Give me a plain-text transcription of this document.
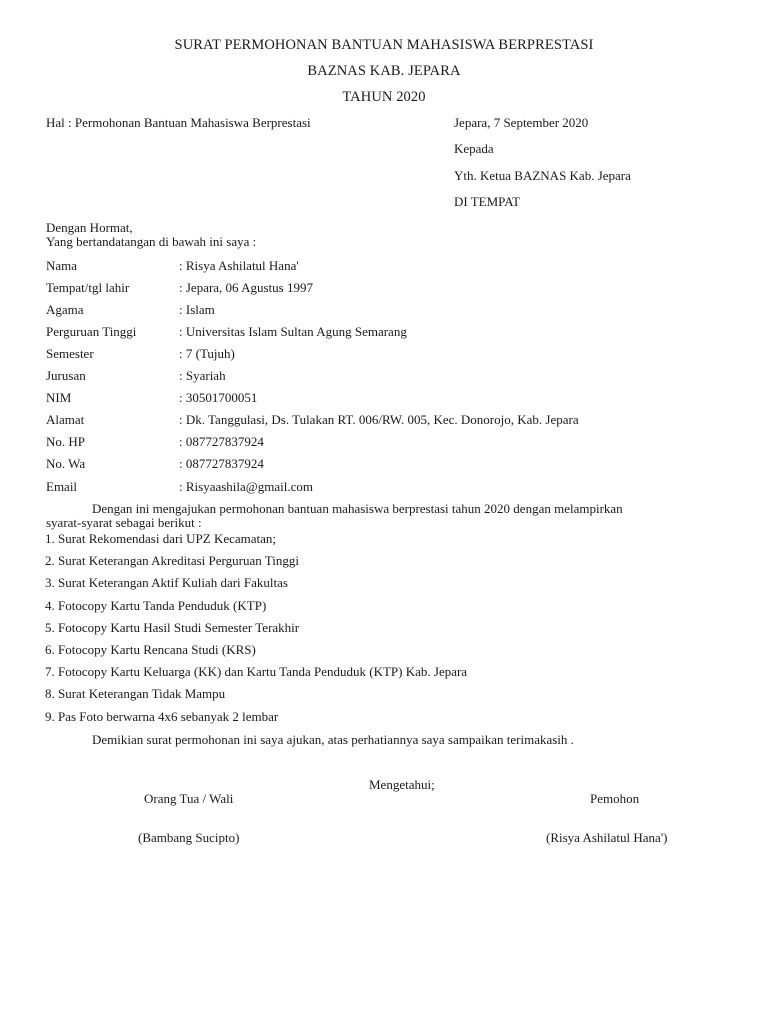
SURAT PERMOHONAN BANTUAN MAHASISWA BERPRESTASI
BAZNAS KAB. JEPARA
TAHUN 2020
Hal : Permohonan Bantuan Mahasiswa Berprestasi	Jepara, 7 September 2020
Kepada
Yth. Ketua BAZNAS Kab. Jepara
DI TEMPAT
Dengan Hormat,
Yang bertandatangan di bawah ini saya :
Nama	: Risya Ashilatul Hana'
Tempat/tgl lahir	: Jepara, 06 Agustus 1997
Agama	: Islam
Perguruan Tinggi	: Universitas Islam Sultan Agung Semarang
Semester	: 7 (Tujuh)
Jurusan	: Syariah
NIM	: 30501700051
Alamat	: Dk. Tanggulasi, Ds. Tulakan RT. 006/RW. 005, Kec. Donorojo, Kab. Jepara
No. HP	: 087727837924
No. Wa	: 087727837924
Email	: Risyaashila@gmail.com
Dengan ini mengajukan permohonan bantuan mahasiswa berprestasi tahun 2020 dengan melampirkan
syarat-syarat sebagai berikut :
1. Surat Rekomendasi dari UPZ Kecamatan;
2. Surat Keterangan Akreditasi Perguruan Tinggi
3. Surat Keterangan Aktif Kuliah dari Fakultas
4. Fotocopy Kartu Tanda Penduduk (KTP)
5. Fotocopy Kartu Hasil Studi Semester Terakhir
6. Fotocopy Kartu Rencana Studi (KRS)
7. Fotocopy Kartu Keluarga (KK) dan Kartu Tanda Penduduk (KTP) Kab. Jepara
8. Surat Keterangan Tidak Mampu
9. Pas Foto berwarna 4x6 sebanyak 2 lembar
Demikian surat permohonan ini saya ajukan, atas perhatiannya saya sampaikan terimakasih .
Mengetahui;
Orang Tua / Wali	Pemohon
(Bambang Sucipto)	(Risya Ashilatul Hana')
